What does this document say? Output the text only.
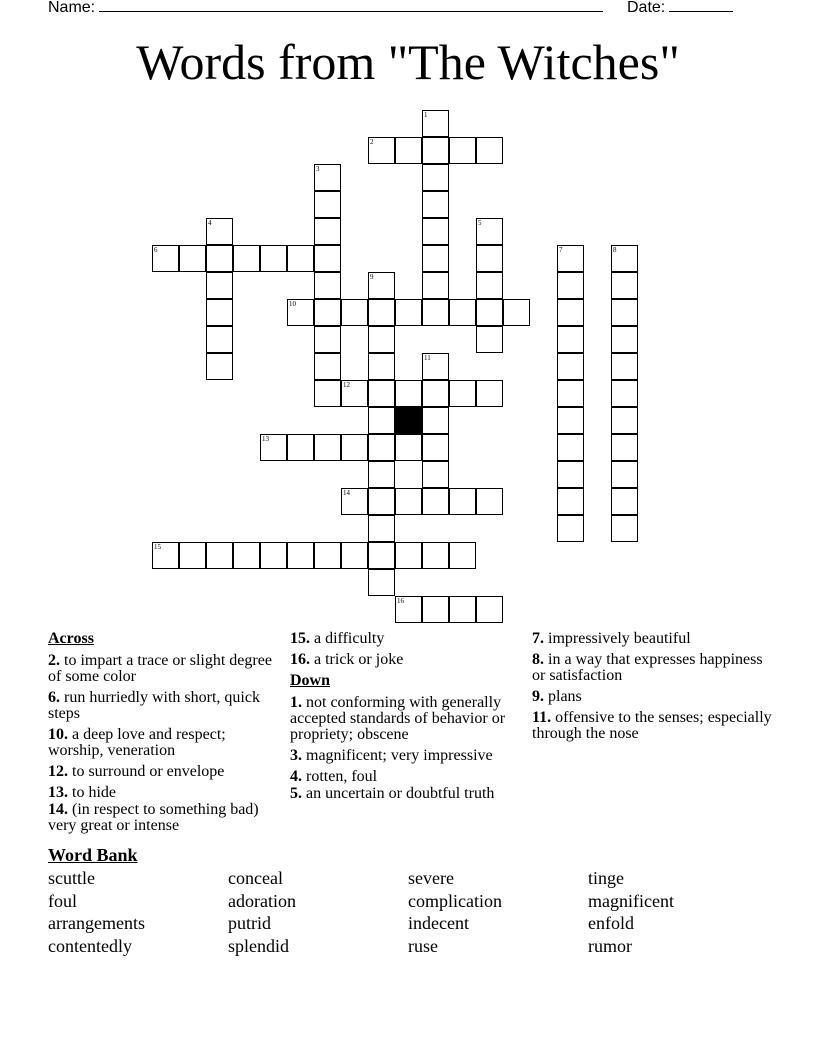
Name:	Date:
Words from "The Witches"
2
6
10
12
13
14
15
16
1
3
4	5
7	8
9
11
Across
2. to impart a trace or slight degree of some color
6. run hurriedly with short, quick steps
10. a deep love and respect; worship, veneration
12. to surround or envelope
13. to hide
14. (in respect to something bad) very great or intense
15. a difficulty
16. a trick or joke
Down
1. not conforming with generally accepted standards of behavior or propriety; obscene
3. magnificent; very impressive
4. rotten, foul
5. an uncertain or doubtful truth
7. impressively beautiful
8. in a way that expresses happiness or satisfaction
9. plans
11. offensive to the senses; especially through the nose
Word Bank
scuttle	conceal	severe	tinge
foul	adoration	complication	magnificent
arrangements	putrid	indecent	enfold
contentedly	splendid	ruse	rumor
